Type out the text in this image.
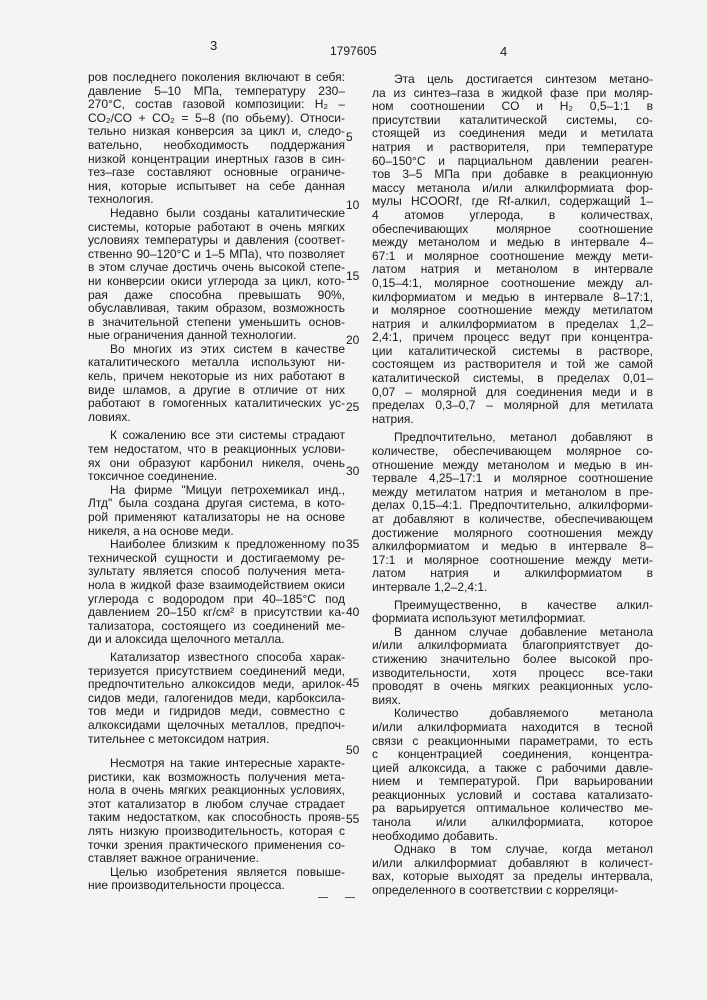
3	1797605	4
ров последнего поколения включают в себя:
давление 5–10 МПа, температуру 230–
270°С, состав газовой композиции: H₂ –
CO₂/CO + CO₂ = 5–8 (по обьему). Относи-
тельно низкая конверсия за цикл и, следо-
вательно, необходимость поддержания
низкой концентрации инертных газов в син-
тез–газе составляют основные ограниче-
ния, которые испытывет на себе данная
технология.
Недавно были созданы каталитические
системы, которые работают в очень мягких
условиях температуры и давления (соответ-
ственно 90–120°С и 1–5 МПа), что позволяет
в этом случае достичь очень высокой степе-
ни конверсии окиси углерода за цикл, кото-
рая даже способна превышать 90%,
обуславливая, таким образом, возможность
в значительной степени уменьшить основ-
ные ограничения данной технологии.
Во многих из этих систем в качестве
каталитического металла используют ни-
кель, причем некоторые из них работают в
виде шламов, а другие в отличие от них
работают в гомогенных каталитических ус-
ловиях.
К сожалению все эти системы страдают
тем недостатом, что в реакционных услови-
ях они образуют карбонил никеля, очень
токсичное соединение.
На фирме "Мицуи петрохемикал инд.,
Лтд" была создана другая система, в кото-
рой применяют катализаторы не на основе
никеля, а на основе меди.
Наиболее близким к предложенному по
технической сущности и достигаемому ре-
зультату является способ получения мета-
нола в жидкой фазе взаимодействием окиси
углерода с водородом при 40–185°С под
давлением 20–150 кг/см² в присутствии ка-
тализатора, состоящего из соединений ме-
ди и алоксида щелочного металла.
Катализатор известного способа харак-
теризуется присутствием соединений меди,
предпочтительно алкоксидов меди, арилок-
сидов меди, галогенидов меди, карбоксила-
тов меди и гидридов меди, совместно с
алкоксидами щелочных металлов, предпоч-
тительнее с метоксидом натрия.
Несмотря на такие интересные характе-
ристики, как возможность получения мета-
нола в очень мягких реакционных условиях,
этот катализатор в любом случае страдает
таким недостатком, как способность прояв-
лять низкую производительность, которая с
точки зрения практического применения со-
ставляет важное ограничение.
Целью изобретения является повыше-
ние производительности процесса.
Эта цель достигается синтезом метано-
ла из синтез–газа в жидкой фазе при моляр-
ном соотношении CO и H₂ 0,5–1:1 в
присутствии каталитической системы, со-
стоящей из соединения меди и метилата
натрия и растворителя, при температуре
60–150°С и парциальном давлении реаген-
тов 3–5 МПа при добавке в реакционную
массу метанола и/или алкилформиата фор-
мулы HCOORf, где Rf-алкил, содержащий 1–
4 атомов углерода, в количествах,
обеспечивающих молярное соотношение
между метанолом и медью в интервале 4–
67:1 и молярное соотношение между мети-
латом натрия и метанолом в интервале
0,15–4:1, молярное соотношение между ал-
килформиатом и медью в интервале 8–17:1,
и молярное соотношение между метилатом
натрия и алкилформиатом в пределах 1,2–
2,4:1, причем процесс ведут при концентра-
ции каталитической системы в растворе,
состоящем из растворителя и той же самой
каталитической системы, в пределах 0,01–
0,07 – молярной для соединения меди и в
пределах 0,3–0,7 – молярной для метилата
натрия.
Предпочтительно, метанол добавляют в
количестве, обеспечивающем молярное со-
отношение между метанолом и медью в ин-
тервале 4,25–17:1 и молярное соотношение
между метилатом натрия и метанолом в пре-
делах 0,15–4:1. Предпочтительно, алкилформи-
ат добавляют в количестве, обеспечивающем
достижение молярного соотношения между
алкилформиатом и медью в интервале 8–
17:1 и молярное соотношение между мети-
латом натрия и алкилформиатом в
интервале 1,2–2,4:1.
Преимущественно, в качестве алкил-
формиата используют метилформиат.
В данном случае добавление метанола
и/или алкилформиата благоприятствует до-
стижению значительно более высокой про-
изводительности, хотя процесс все-таки
проводят в очень мягких реакционных усло-
виях.
Количество добавляемого метанола
и/или алкилформиата находится в тесной
связи с реакционными параметрами, то есть
с концентрацией соединения, концентра-
цией алкоксида, а также с рабочими давле-
нием и температурой. При варьировании
реакционных условий и состава катализато-
ра варьируется оптимальное количество ме-
танола и/или алкилформиата, которое
необходимо добавить.
Однако в том случае, когда метанол
и/или алкилформиат добавляют в количест-
вах, которые выходят за пределы интервала,
определенного в соответствии с корреляци-
5
10
15
20
25
30
35
40
45
50
55
